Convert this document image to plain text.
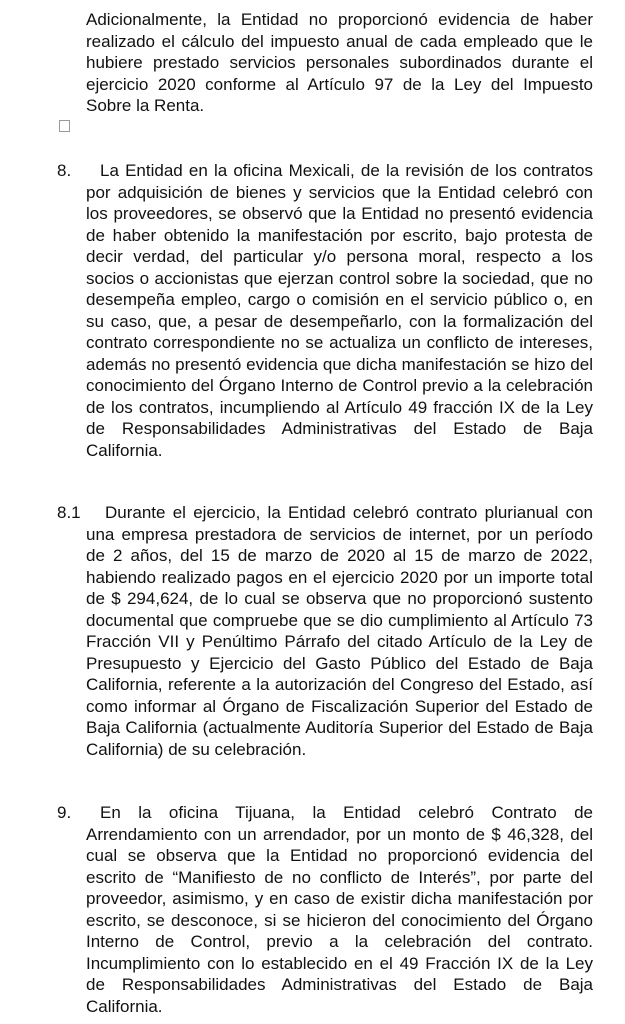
Adicionalmente, la Entidad no proporcionó evidencia de haber realizado el cálculo del impuesto anual de cada empleado que le hubiere prestado servicios personales subordinados durante el ejercicio 2020 conforme al Artículo 97 de la Ley del Impuesto Sobre la Renta.
8.	La Entidad en la oficina Mexicali, de la revisión de los contratos por adquisición de bienes y servicios que la Entidad celebró con los proveedores, se observó que la Entidad no presentó evidencia de haber obtenido la manifestación por escrito, bajo protesta de decir verdad, del particular y/o persona moral, respecto a los socios o accionistas que ejerzan control sobre la sociedad, que no desempeña empleo, cargo o comisión en el servicio público o, en su caso, que, a pesar de desempeñarlo, con la formalización del contrato correspondiente no se actualiza un conflicto de intereses, además no presentó evidencia que dicha manifestación se hizo del conocimiento del Órgano Interno de Control previo a la celebración de los contratos, incumpliendo al Artículo 49 fracción IX de la Ley de Responsabilidades Administrativas del Estado de Baja California.
8.1	Durante el ejercicio, la Entidad celebró contrato plurianual con una empresa prestadora de servicios de internet, por un período de 2 años, del 15 de marzo de 2020 al 15 de marzo de 2022, habiendo realizado pagos en el ejercicio 2020 por un importe total de $ 294,624, de lo cual se observa que no proporcionó sustento documental que compruebe que se dio cumplimiento al Artículo 73 Fracción VII y Penúltimo Párrafo del citado Artículo de la Ley de Presupuesto y Ejercicio del Gasto Público del Estado de Baja California, referente a la autorización del Congreso del Estado, así como informar al Órgano de Fiscalización Superior del Estado de Baja California (actualmente Auditoría Superior del Estado de Baja California) de su celebración.
9.	En la oficina Tijuana, la Entidad celebró Contrato de Arrendamiento con un arrendador, por un monto de $ 46,328, del cual se observa que la Entidad no proporcionó evidencia del escrito de “Manifiesto de no conflicto de Interés”, por parte del proveedor, asimismo, y en caso de existir dicha manifestación por escrito, se desconoce, si se hicieron del conocimiento del Órgano Interno de Control, previo a la celebración del contrato. Incumplimiento con lo establecido en el 49 Fracción IX de la Ley de Responsabilidades Administrativas del Estado de Baja California.
